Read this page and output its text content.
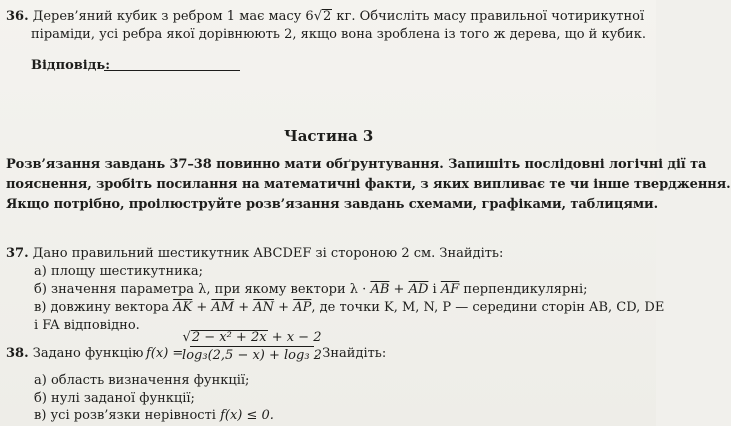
36. Дерев’яний кубик з ребром 1 має масу 6√2 кг. Обчисліть масу правильної чотирикутної
піраміди, усі ребра якої дорівнюють 2, якщо вона зроблена із того ж дерева, що й кубик.
Відповідь:
Частина 3
Розв’язання завдань 37–38 повинно мати обґрунтування. Запишіть послідовні логічні дії та
пояснення, зробіть посилання на математичні факти, з яких випливає те чи інше твердження.
Якщо потрібно, проілюструйте розв’язання завдань схемами, графіками, таблицями.
37. Дано правильний шестикутник ABCDEF зі стороною 2 см. Знайдіть:
а) площу шестикутника;
б) значення параметра λ, при якому вектори $\lambda \cdot \overline{AB} + \overline{AD}$ і $\overline{AF}$ перпендикулярні;
в) довжину вектора $\overline{AK} + \overline{AM} + \overline{AN} + \overline{AP}$, де точки K, M, N, P — середини сторін AB, CD, DE
і FA відповідно.
38. Задано функцію f(x) =
√2 − x² + 2x + x − 2
log₃(2,5 − x) + log₃ 2
. Знайдіть:
а) область визначення функції;
б) нулі заданої функції;
в) усі розв’язки нерівності f(x) ≤ 0.
